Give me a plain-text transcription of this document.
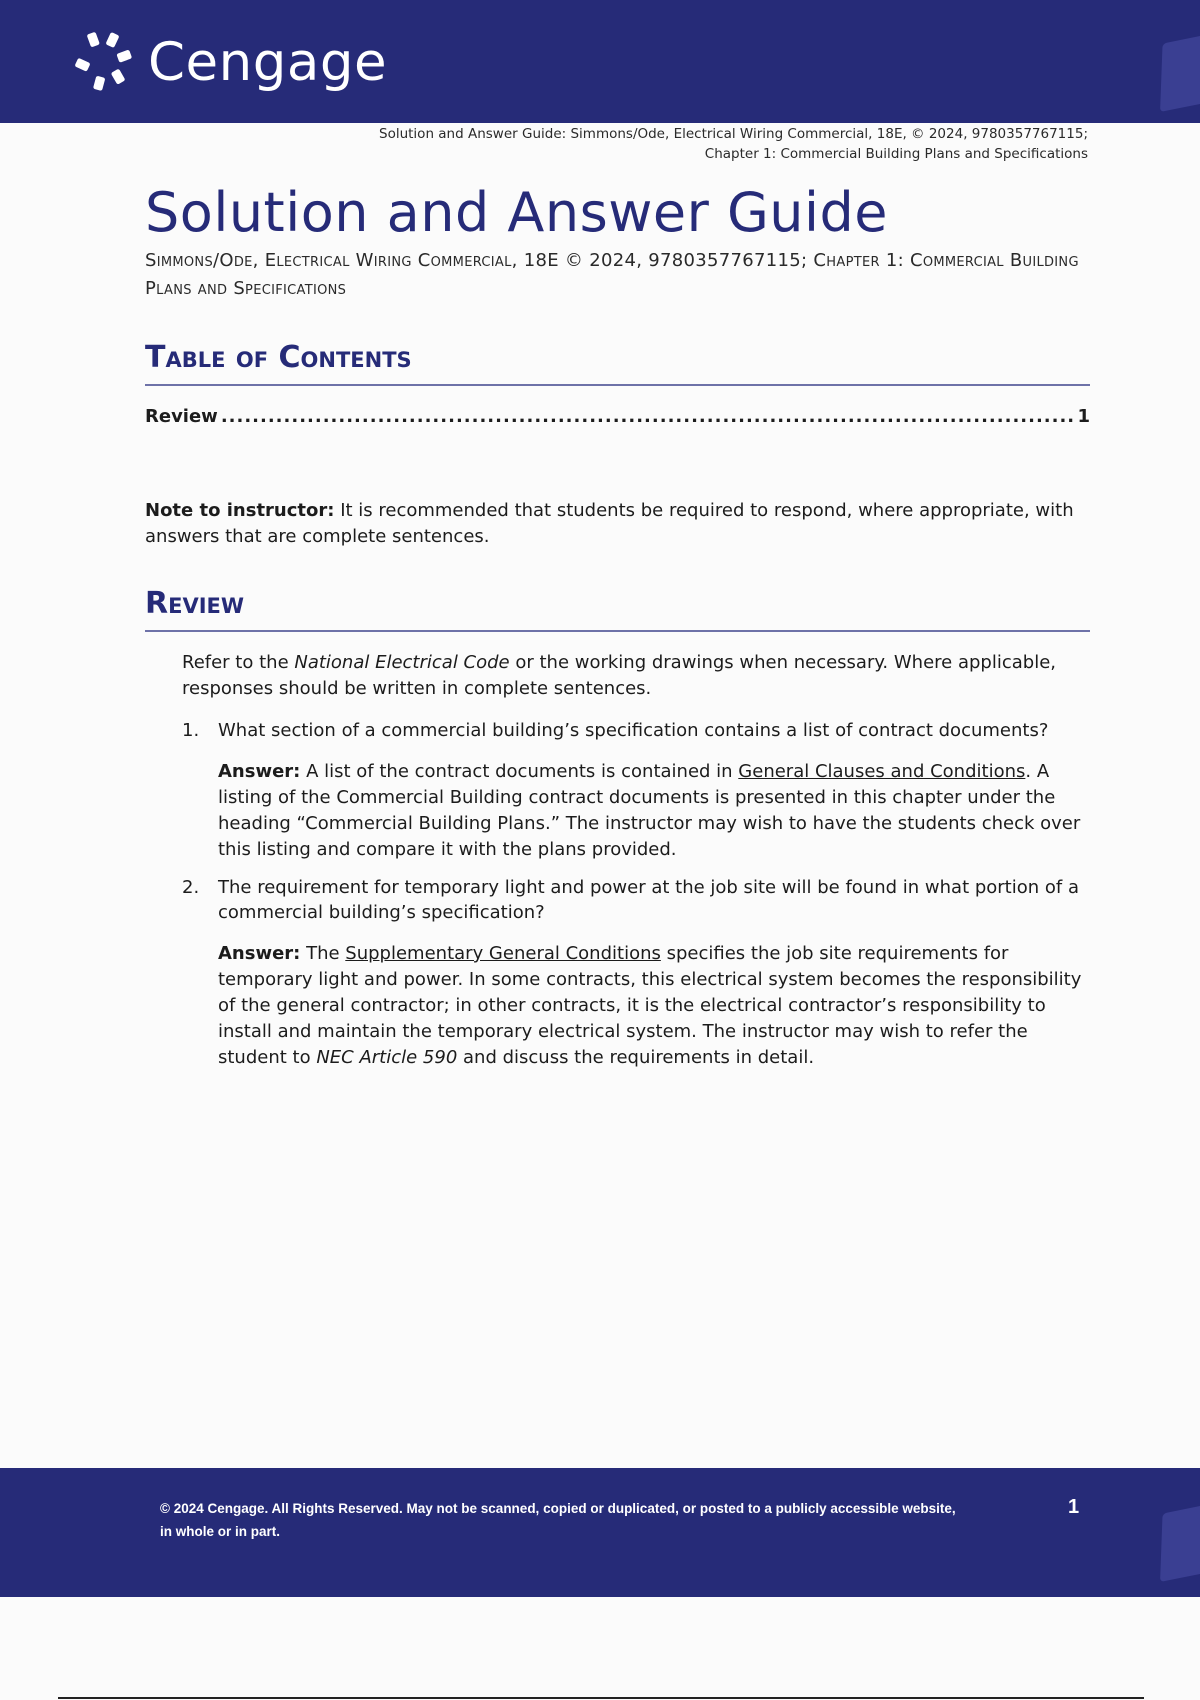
Cengage
Solution and Answer Guide: Simmons/Ode, Electrical Wiring Commercial, 18E, © 2024, 9780357767115;
Chapter 1: Commercial Building Plans and Specifications
Solution and Answer Guide

Simmons/Ode, Electrical Wiring Commercial, 18E © 2024, 9780357767115; Chapter 1: Commercial Building Plans and Specifications

Table of Contents
Review
.....	1

Note to instructor: It is recommended that students be required to respond, where appropriate, with answers that are complete sentences.

Review

Refer to the National Electrical Code or the working drawings when necessary. Where applicable, responses should be written in complete sentences.

1.	What section of a commercial building’s specification contains a list of contract documents?

Answer: A list of the contract documents is contained in General Clauses and Conditions. A listing of the Commercial Building contract documents is presented in this chapter under the heading “Commercial Building Plans.” The instructor may wish to have the students check over this listing and compare it with the plans provided.

2.	The requirement for temporary light and power at the job site will be found in what portion of a commercial building’s specification?

Answer: The Supplementary General Conditions specifies the job site requirements for temporary light and power. In some contracts, this electrical system becomes the responsibility of the general contractor; in other contracts, it is the electrical contractor’s responsibility to install and maintain the temporary electrical system. The instructor may wish to refer the student to NEC Article 590 and discuss the requirements in detail.

© 2024 Cengage. All Rights Reserved. May not be scanned, copied or duplicated, or posted to a publicly accessible website, in whole or in part.
1
